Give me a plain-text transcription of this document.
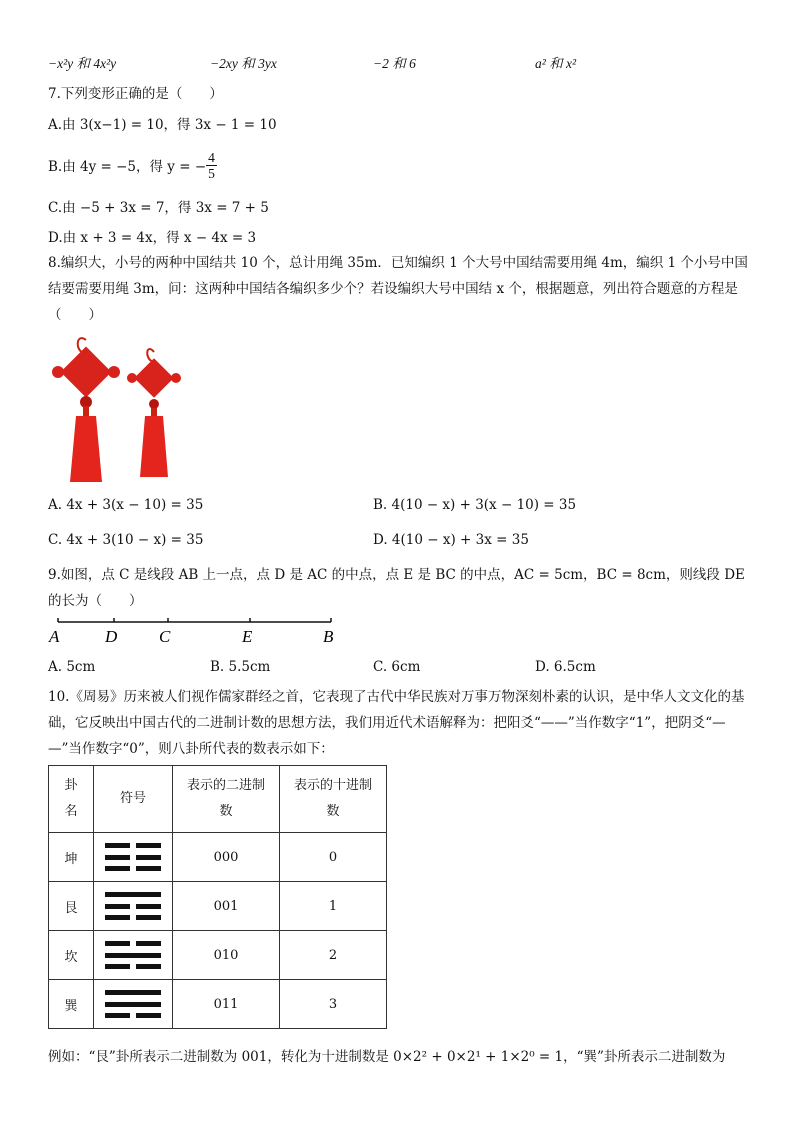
−x²y 和 4x²y	−2xy 和 3yx	−2 和 6	a² 和 x²
7.下列变形正确的是（　　）
A.由 3(x−1) = 10，得 3x − 1 = 10
B.由 4y = −5，得 y = − $\frac{4}{5}$
C.由 −5 + 3x = 7，得 3x = 7 + 5
D.由 x + 3 = 4x，得 x − 4x = 3
8.编织大，小号的两种中国结共 10 个，总计用绳 35m．已知编织 1 个大号中国结需要用绳 4m，编织 1 个小号中国结要需要用绳 3m，问：这两种中国结各编织多少个？若设编织大号中国结 x 个，根据题意，列出符合题意的方程是（　　）
A. 4x + 3(x − 10) = 35	B. 4(10 − x) + 3(x − 10) = 35
C. 4x + 3(10 − x) = 35	D. 4(10 − x) + 3x = 35
9.如图，点 C 是线段 AB 上一点，点 D 是 AC 的中点，点 E 是 BC 的中点，AC = 5cm，BC = 8cm，则线段 DE 的长为（　　）
A	D C	E	B
A. 5cm	B. 5.5cm	C. 6cm	D. 6.5cm
10.《周易》历来被人们视作儒家群经之首，它表现了古代中华民族对万事万物深刻朴素的认识，是中华人文文化的基础，它反映出中国古代的二进制计数的思想方法，我们用近代术语解释为：把阳爻“——”当作数字“1”，把阴爻“— —”当作数字“0”，则八卦所代表的数表示如下：
卦名	符号	表示的二进制数	表示的十进制数

坤		000	0
艮		001	1
坎		010	2
巽		011	3
例如：“艮”卦所表示二进制数为 001，转化为十进制数是 0×2² + 0×2¹ + 1×2⁰ = 1，“巽”卦所表示二进制数为
